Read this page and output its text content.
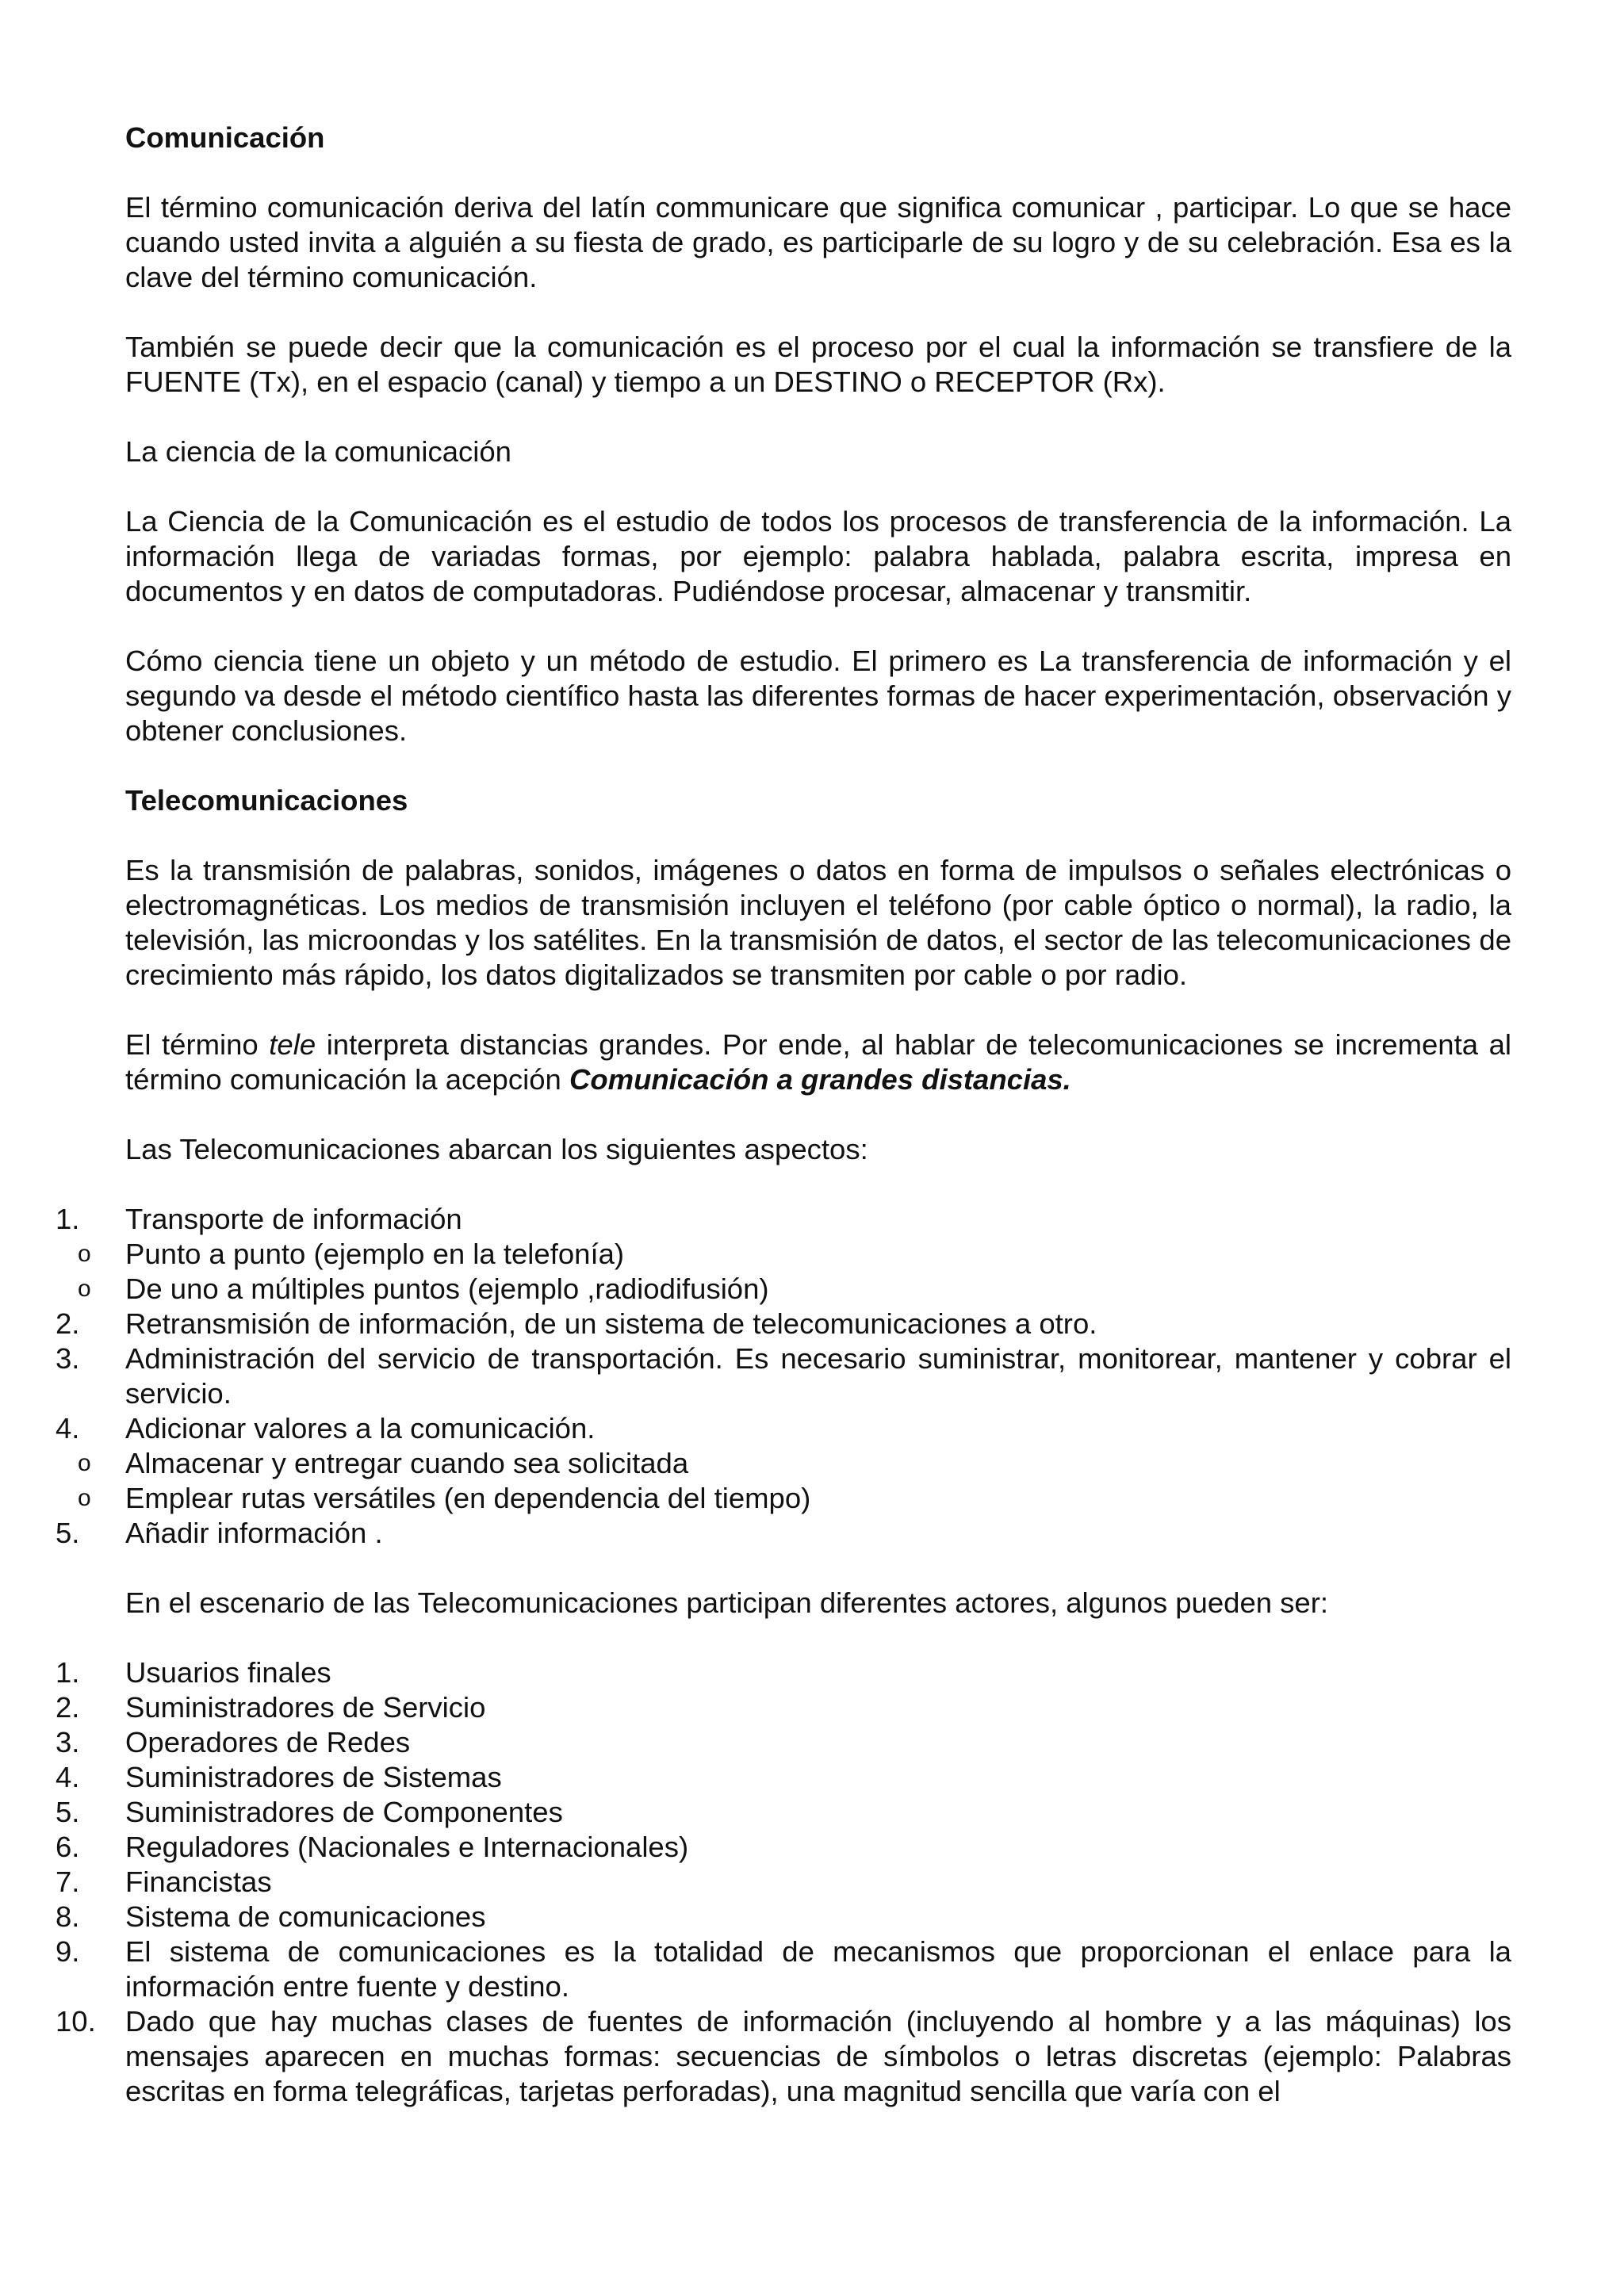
Comunicación

El término comunicación deriva del latín communicare que significa comunicar , participar. Lo que se hace cuando usted invita a alguién a su fiesta de grado, es participarle de su logro y de su celebración. Esa es la clave del término comunicación.

También se puede decir que la comunicación es el proceso por el cual la información se transfiere de la FUENTE (Tx), en el espacio (canal) y tiempo a un DESTINO o RECEPTOR (Rx).

La ciencia de la comunicación

La Ciencia de la Comunicación es el estudio de todos los procesos de transferencia de la información. La información llega de variadas formas, por ejemplo: palabra hablada, palabra escrita, impresa en documentos y en datos de computadoras. Pudiéndose procesar, almacenar y transmitir.

Cómo ciencia tiene un objeto y un método de estudio. El primero es La transferencia de información y el segundo va desde el método científico hasta las diferentes formas de hacer experimentación, observación y obtener conclusiones.

Telecomunicaciones

Es la transmisión de palabras, sonidos, imágenes o datos en forma de impulsos o señales electrónicas o electromagnéticas. Los medios de transmisión incluyen el teléfono (por cable óptico o normal), la radio, la televisión, las microondas y los satélites. En la transmisión de datos, el sector de las telecomunicaciones de crecimiento más rápido, los datos digitalizados se transmiten por cable o por radio.

El término tele interpreta distancias grandes. Por ende, al hablar de telecomunicaciones se incrementa al término comunicación la acepción Comunicación a grandes distancias.

Las Telecomunicaciones abarcan los siguientes aspectos:

1.	Transporte de información
o	Punto a punto (ejemplo en la telefonía)
o	De uno a múltiples puntos (ejemplo ,radiodifusión)
2.	Retransmisión de información, de un sistema de telecomunicaciones a otro.
3.	Administración del servicio de transportación. Es necesario suministrar, monitorear, mantener y cobrar el servicio.
4.	Adicionar valores a la comunicación.
o	Almacenar y entregar cuando sea solicitada
o	Emplear rutas versátiles (en dependencia del tiempo)
5.	Añadir información .

En el escenario de las Telecomunicaciones participan diferentes actores, algunos pueden ser:

1.	Usuarios finales
2.	Suministradores de Servicio
3.	Operadores de Redes
4.	Suministradores de Sistemas
5.	Suministradores de Componentes
6.	Reguladores (Nacionales e Internacionales)
7.	Financistas
8.	Sistema de comunicaciones
9.	El sistema de comunicaciones es la totalidad de mecanismos que proporcionan el enlace para la información entre fuente y destino.
10.	Dado que hay muchas clases de fuentes de información (incluyendo al hombre y a las máquinas) los mensajes aparecen en muchas formas: secuencias de símbolos o letras discretas (ejemplo: Palabras escritas en forma telegráficas, tarjetas perforadas), una magnitud sencilla que varía con el
